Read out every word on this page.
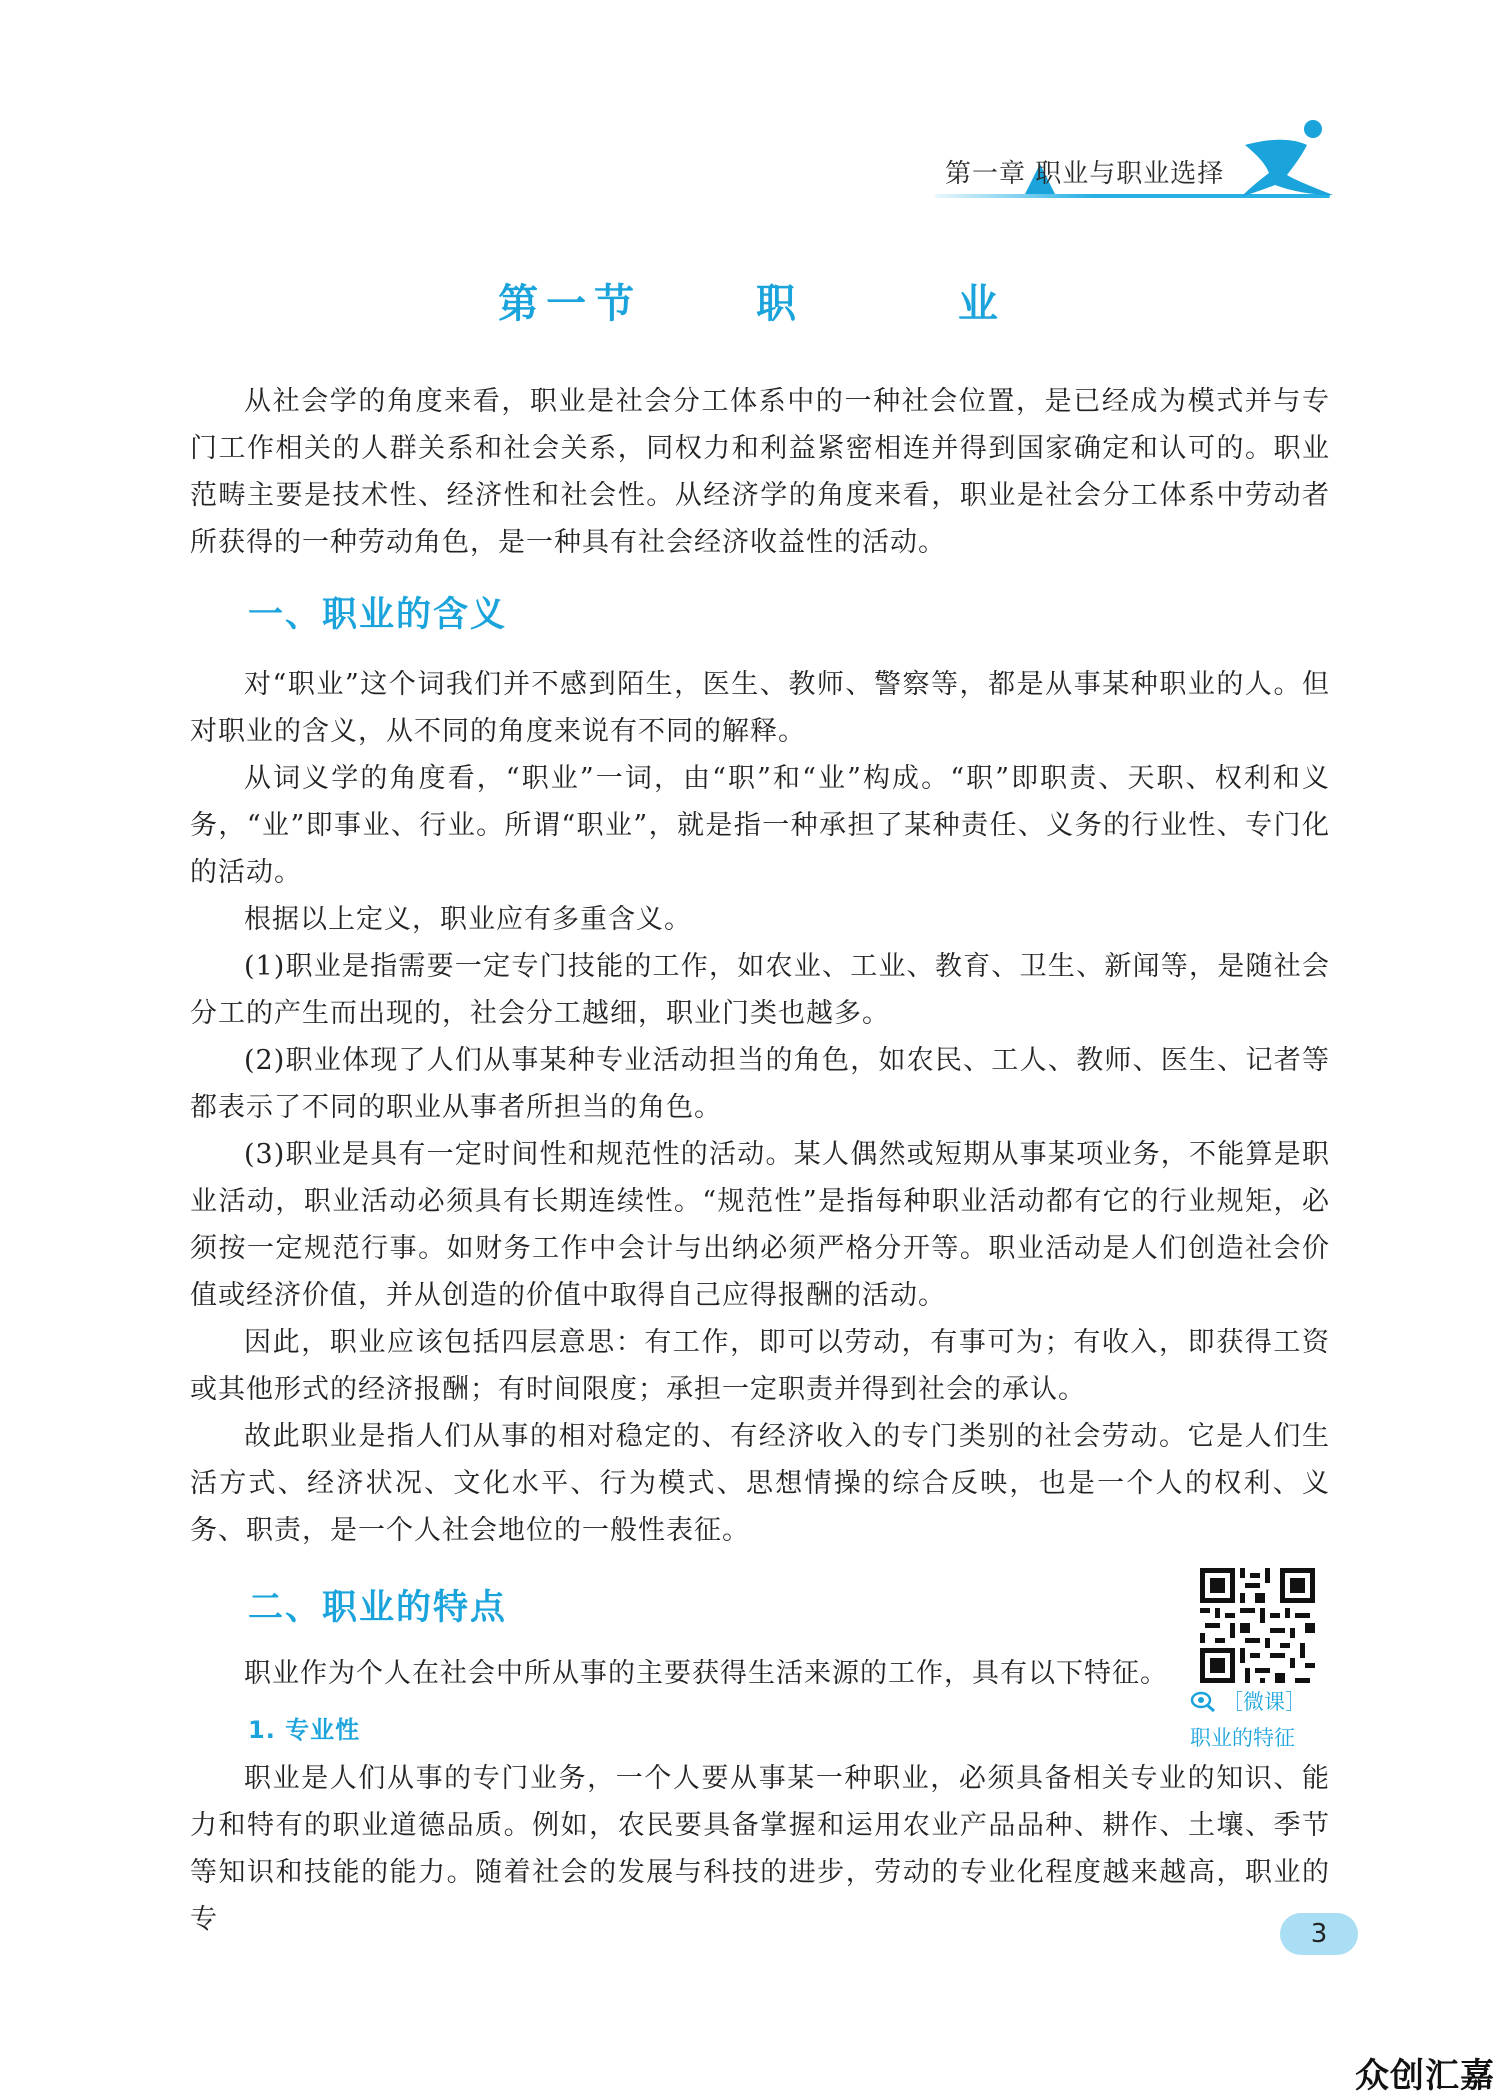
第一章 职业与职业选择
第一节	职	业

从社会学的角度来看，职业是社会分工体系中的一种社会位置，是已经成为模式并与专门工作相关的人群关系和社会关系，同权力和利益紧密相连并得到国家确定和认可的。职业范畴主要是技术性、经济性和社会性。从经济学的角度来看，职业是社会分工体系中劳动者所获得的一种劳动角色，是一种具有社会经济收益性的活动。

一、职业的含义

对“职业”这个词我们并不感到陌生，医生、教师、警察等，都是从事某种职业的人。但对职业的含义，从不同的角度来说有不同的解释。

从词义学的角度看，“职业”一词，由“职”和“业”构成。“职”即职责、天职、权利和义务，“业”即事业、行业。所谓“职业”，就是指一种承担了某种责任、义务的行业性、专门化的活动。

根据以上定义，职业应有多重含义。

(1)职业是指需要一定专门技能的工作，如农业、工业、教育、卫生、新闻等，是随社会分工的产生而出现的，社会分工越细，职业门类也越多。

(2)职业体现了人们从事某种专业活动担当的角色，如农民、工人、教师、医生、记者等都表示了不同的职业从事者所担当的角色。

(3)职业是具有一定时间性和规范性的活动。某人偶然或短期从事某项业务，不能算是职业活动，职业活动必须具有长期连续性。“规范性”是指每种职业活动都有它的行业规矩，必须按一定规范行事。如财务工作中会计与出纳必须严格分开等。职业活动是人们创造社会价值或经济价值，并从创造的价值中取得自己应得报酬的活动。

因此，职业应该包括四层意思：有工作，即可以劳动，有事可为；有收入，即获得工资或其他形式的经济报酬；有时间限度；承担一定职责并得到社会的承认。

故此职业是指人们从事的相对稳定的、有经济收入的专门类别的社会劳动。它是人们生活方式、经济状况、文化水平、行为模式、思想情操的综合反映，也是一个人的权利、义务、职责，是一个人社会地位的一般性表征。

二、职业的特点

职业作为个人在社会中所从事的主要获得生活来源的工作，具有以下特征。

1. 专业性

职业是人们从事的专门业务，一个人要从事某一种职业，必须具备相关专业的知识、能力和特有的职业道德品质。例如，农民要具备掌握和运用农业产品品种、耕作、土壤、季节等知识和技能的能力。随着社会的发展与科技的进步，劳动的专业化程度越来越高，职业的专

［微课］
职业的特征
3
众创汇嘉
